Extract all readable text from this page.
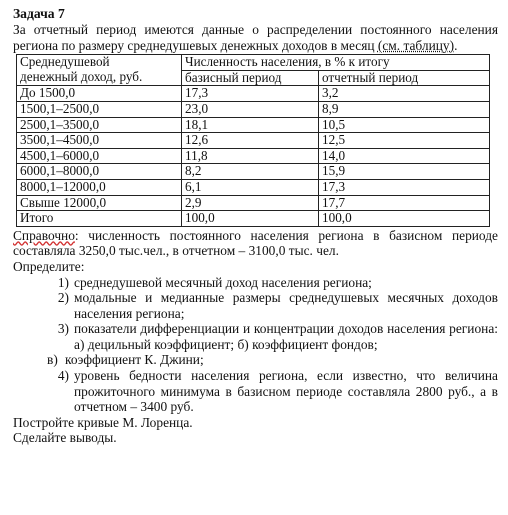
Задача 7

За отчетный период имеются данные о распределении постоянного населения региона по размеру среднедушевых денежных доходов в месяц (см. таблицу).

Среднедушевой
денежный доход, руб.	Численность населения, в % к итогу	
	базисный период	отчетный период
До 1500,0	17,3	3,2
1500,1–2500,0	23,0	8,9
2500,1–3500,0	18,1	10,5
3500,1–4500,0	12,6	12,5
4500,1–6000,0	11,8	14,0
6000,1–8000,0	8,2	15,9
8000,1–12000,0	6,1	17,3
Свыше 12000,0	2,9	17,7
Итого	100,0	100,0

Справочно: численность постоянного населения региона в базисном периоде составляла 3250,0 тыс.чел., в отчетном – 3100,0 тыс. чел.

Определите:
1) среднедушевой месячный доход населения региона;
2) модальные и медианные размеры среднедушевых месячных доходов населения региона;
3) показатели дифференциации и концентрации доходов населения региона: а) децильный коэффициент; б) коэффициент фондов;
в) коэффициент К. Джини;
4) уровень бедности населения региона, если известно, что величина прожиточного минимума в базисном периоде составляла 2800 руб., а в отчетном – 3400 руб.

Постройте кривые М. Лоренца.

Сделайте выводы.
